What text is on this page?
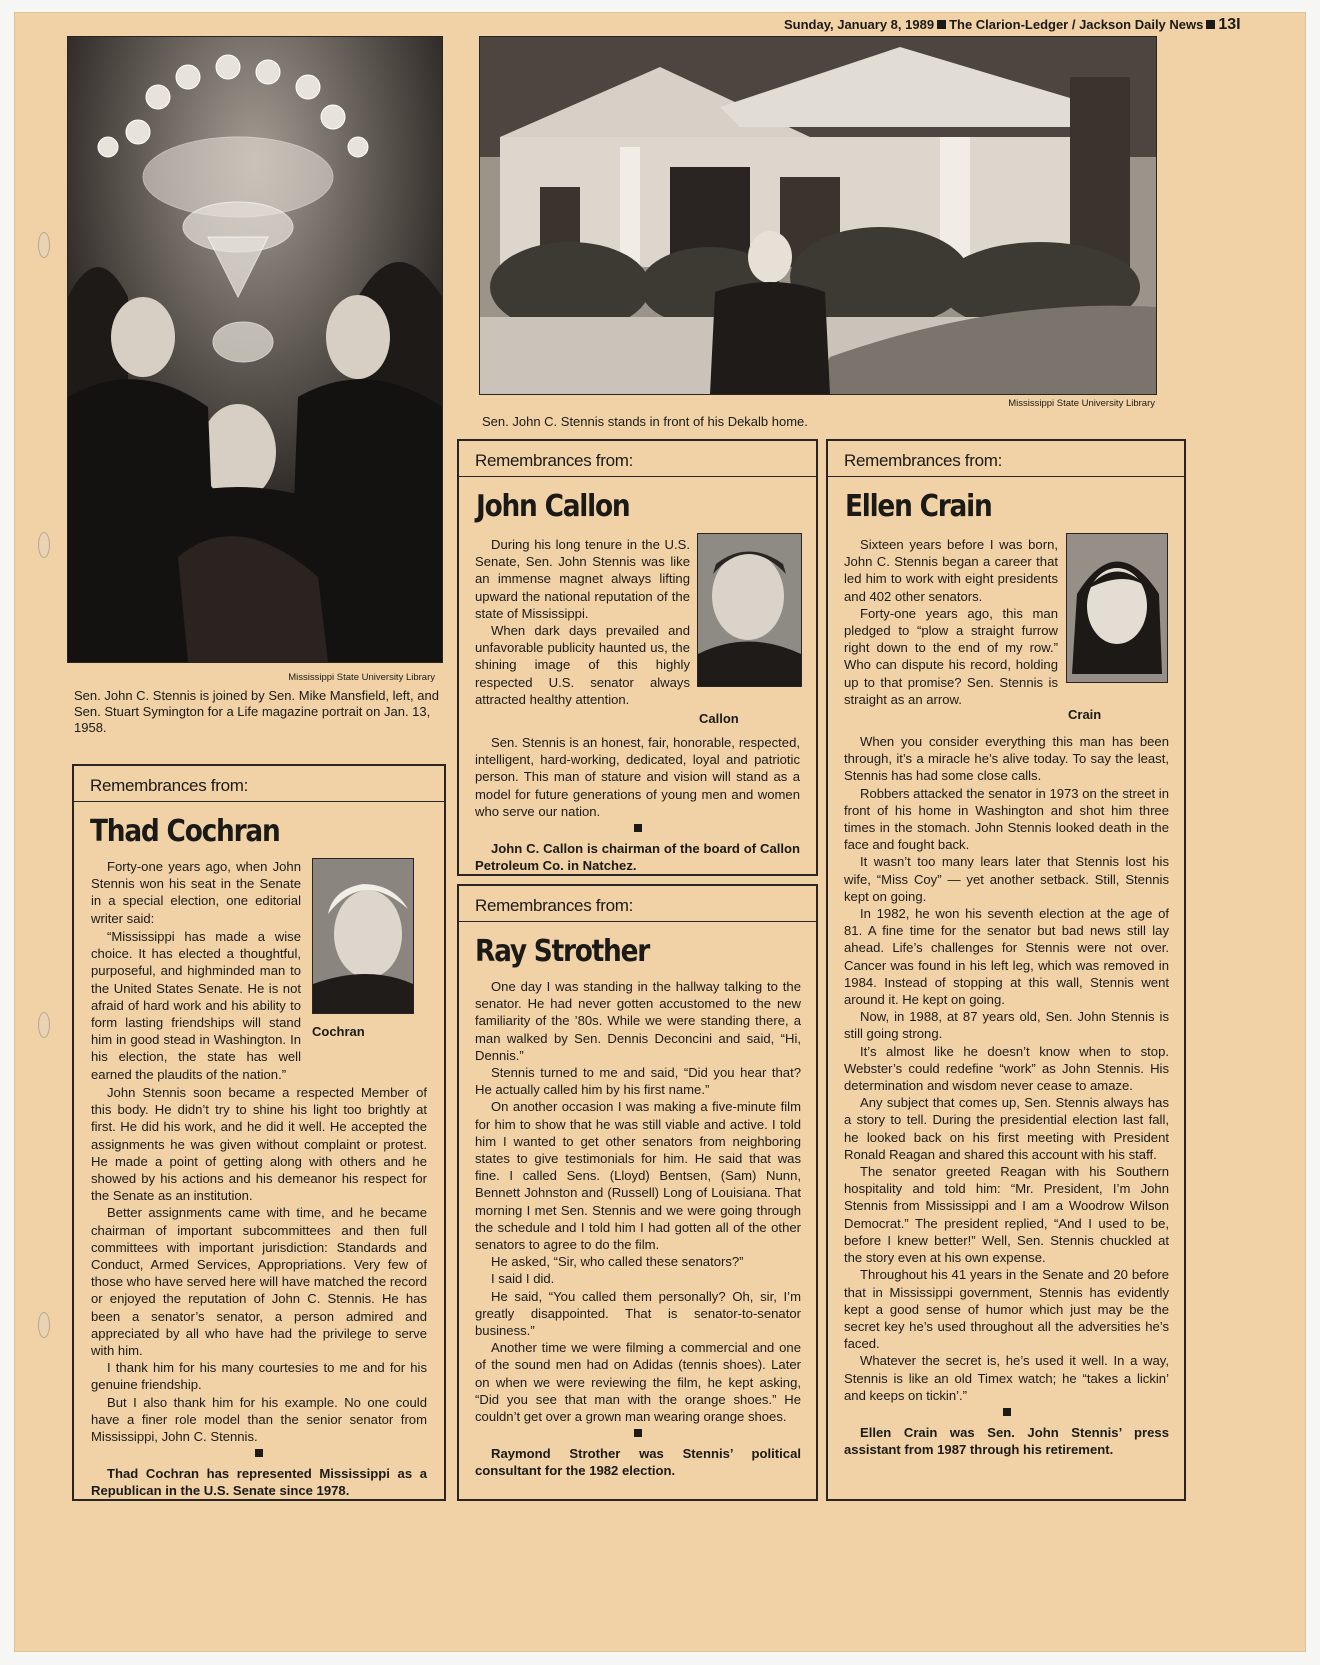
Sunday, January 8, 1989 The Clarion-Ledger / Jackson Daily News 13I
Mississippi State University Library
Sen. John C. Stennis is joined by Sen. Mike Mansfield, left, and Sen. Stuart Symington for a Life magazine portrait on Jan. 13, 1958.
Mississippi State University Library
Sen. John C. Stennis stands in front of his Dekalb home.
Remembrances from:
John Callon
Callon

During his long tenure in the U.S. Senate, Sen. John Stennis was like an immense magnet always lifting upward the national reputation of the state of Mississippi.

When dark days prevailed and unfavorable publicity haunted us, the shining image of this highly respected U.S. senator always attracted healthy attention.

Sen. Stennis is an honest, fair, honorable, respected, intelligent, hard-working, dedicated, loyal and patriotic person. This man of stature and vision will stand as a model for future generations of young men and women who serve our nation.

John C. Callon is chairman of the board of Callon Petroleum Co. in Natchez.

Remembrances from:
Ellen Crain
Crain

Sixteen years before I was born, John C. Stennis began a career that led him to work with eight presidents and 402 other senators.

Forty-one years ago, this man pledged to “plow a straight furrow right down to the end of my row.” Who can dispute his record, holding up to that promise? Sen. Stennis is straight as an arrow.

When you consider everything this man has been through, it’s a miracle he’s alive today. To say the least, Stennis has had some close calls.

Robbers attacked the senator in 1973 on the street in front of his home in Washington and shot him three times in the stomach. John Stennis looked death in the face and fought back.

It wasn’t too many lears later that Stennis lost his wife, “Miss Coy” — yet another setback. Still, Stennis kept on going.

In 1982, he won his seventh election at the age of 81. A fine time for the senator but bad news still lay ahead. Life’s challenges for Stennis were not over. Cancer was found in his left leg, which was removed in 1984. Instead of stopping at this wall, Stennis went around it. He kept on going.

Now, in 1988, at 87 years old, Sen. John Stennis is still going strong.

It’s almost like he doesn’t know when to stop. Webster’s could redefine “work” as John Stennis. His determination and wisdom never cease to amaze.

Any subject that comes up, Sen. Stennis always has a story to tell. During the presidential election last fall, he looked back on his first meeting with President Ronald Reagan and shared this account with his staff.

The senator greeted Reagan with his Southern hospitality and told him: “Mr. President, I’m John Stennis from Mississippi and I am a Woodrow Wilson Democrat.” The president replied, “And I used to be, before I knew better!” Well, Sen. Stennis chuckled at the story even at his own expense.

Throughout his 41 years in the Senate and 20 before that in Mississippi government, Stennis has evidently kept a good sense of humor which just may be the secret key he’s used throughout all the adversities he’s faced.

Whatever the secret is, he’s used it well. In a way, Stennis is like an old Timex watch; he “takes a lickin’ and keeps on tickin’.”

Ellen Crain was Sen. John Stennis’ press assistant from 1987 through his retirement.

Remembrances from:
Thad Cochran
Cochran

Forty-one years ago, when John Stennis won his seat in the Senate in a special election, one editorial writer said:

“Mississippi has made a wise choice. It has elected a thoughtful, purposeful, and highminded man to the United States Senate. He is not afraid of hard work and his ability to form lasting friendships will stand him in good stead in Washington. In his election, the state has well earned the plaudits of the nation.”

John Stennis soon became a respected Member of this body. He didn’t try to shine his light too brightly at first. He did his work, and he did it well. He accepted the assignments he was given without complaint or protest. He made a point of getting along with others and he showed by his actions and his demeanor his respect for the Senate as an institution.

Better assignments came with time, and he became chairman of important subcommittees and then full committees with important jurisdiction: Standards and Conduct, Armed Services, Appropriations. Very few of those who have served here will have matched the record or enjoyed the reputation of John C. Stennis. He has been a senator’s senator, a person admired and appreciated by all who have had the privilege to serve with him.

I thank him for his many courtesies to me and for his genuine friendship.

But I also thank him for his example. No one could have a finer role model than the senior senator from Mississippi, John C. Stennis.

Thad Cochran has represented Mississippi as a Republican in the U.S. Senate since 1978.

Remembrances from:
Ray Strother

One day I was standing in the hallway talking to the senator. He had never gotten accustomed to the new familiarity of the ’80s. While we were standing there, a man walked by Sen. Dennis Deconcini and said, “Hi, Dennis.”

Stennis turned to me and said, “Did you hear that? He actually called him by his first name.”

On another occasion I was making a five-minute film for him to show that he was still viable and active. I told him I wanted to get other senators from neighboring states to give testimonials for him. He said that was fine. I called Sens. (Lloyd) Bentsen, (Sam) Nunn, Bennett Johnston and (Russell) Long of Louisiana. That morning I met Sen. Stennis and we were going through the schedule and I told him I had gotten all of the other senators to agree to do the film.

He asked, “Sir, who called these senators?”

I said I did.

He said, “You called them personally? Oh, sir, I’m greatly disappointed. That is senator-to-senator business.”

Another time we were filming a commercial and one of the sound men had on Adidas (tennis shoes). Later on when we were reviewing the film, he kept asking, “Did you see that man with the orange shoes.” He couldn’t get over a grown man wearing orange shoes.

Raymond Strother was Stennis’ political consultant for the 1982 election.
